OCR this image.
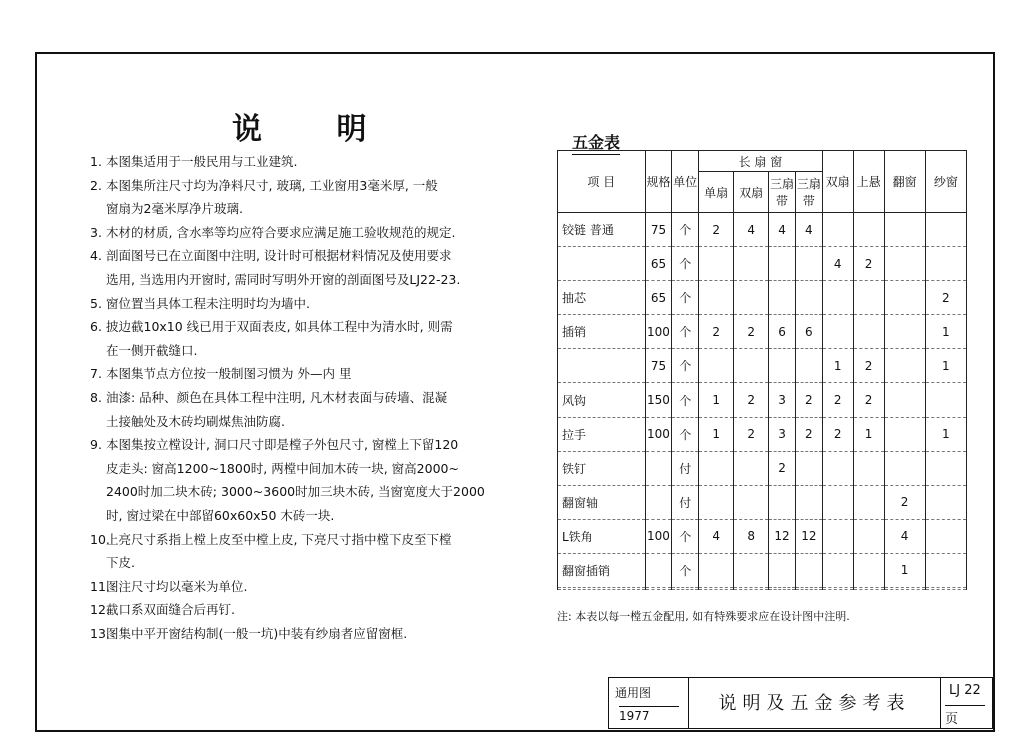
说 明
1. 本图集适用于一般民用与工业建筑.
2. 本图集所注尺寸均为净料尺寸, 玻璃, 工业窗用3毫米厚, 一般
窗扇为2毫米厚净片玻璃.
3. 木材的材质, 含水率等均应符合要求应满足施工验收规范的规定.
4. 剖面图号已在立面图中注明, 设计时可根据材料情况及使用要求
选用, 当选用内开窗时, 需同时写明外开窗的剖面图号及LJ22-23.
5. 窗位置当具体工程未注明时均为墙中.
6. 披边截10x10 线已用于双面表皮, 如具体工程中为清水时, 则需
在一侧开截缝口.
7. 本图集节点方位按一般制图习惯为 外—内 里
8. 油漆: 品种、颜色在具体工程中注明, 凡木材表面与砖墙、混凝
土接触处及木砖均刷煤焦油防腐.
9. 本图集按立樘设计, 洞口尺寸即是樘子外包尺寸, 窗樘上下留120
皮走头: 窗高1200~1800时, 两樘中间加木砖一块, 窗高2000~
2400时加二块木砖; 3000~3600时加三块木砖, 当窗宽度大于2000
时, 窗过梁在中部留60x60x50 木砖一块.
10.
上亮尺寸系指上樘上皮至中樘上皮, 下亮尺寸指中樘下皮至下樘
下皮.
11.
图注尺寸均以毫米为单位.
12.
截口系双面缝合后再钉.
13.
图集中平开窗结构制(一般一坑)中装有纱扇者应留窗框.
五金表
项 目	规格	单位	长 扇 窗				双扇	上悬	翻窗	纱窗
			单扇	双扇	三扇带	三扇带				
铰链 普通	75	个	2	4	4	4				
	65	个					4	2		
抽芯	65	个								2
插销	100	个	2	2	6	6				1
	75	个					1	2		1
风钩	150	个	1	2	3	2	2	2		
拉手	100	个	1	2	3	2	2	1		1
铁钉		付			2					
翻窗轴		付							2	
L铁角	100	个	4	8	12	12			4	
翻窗插销		个							1	

注: 本表以每一樘五金配用, 如有特殊要求应在设计图中注明.
通用图
1977
说明及五金参考表
LJ 22
页
